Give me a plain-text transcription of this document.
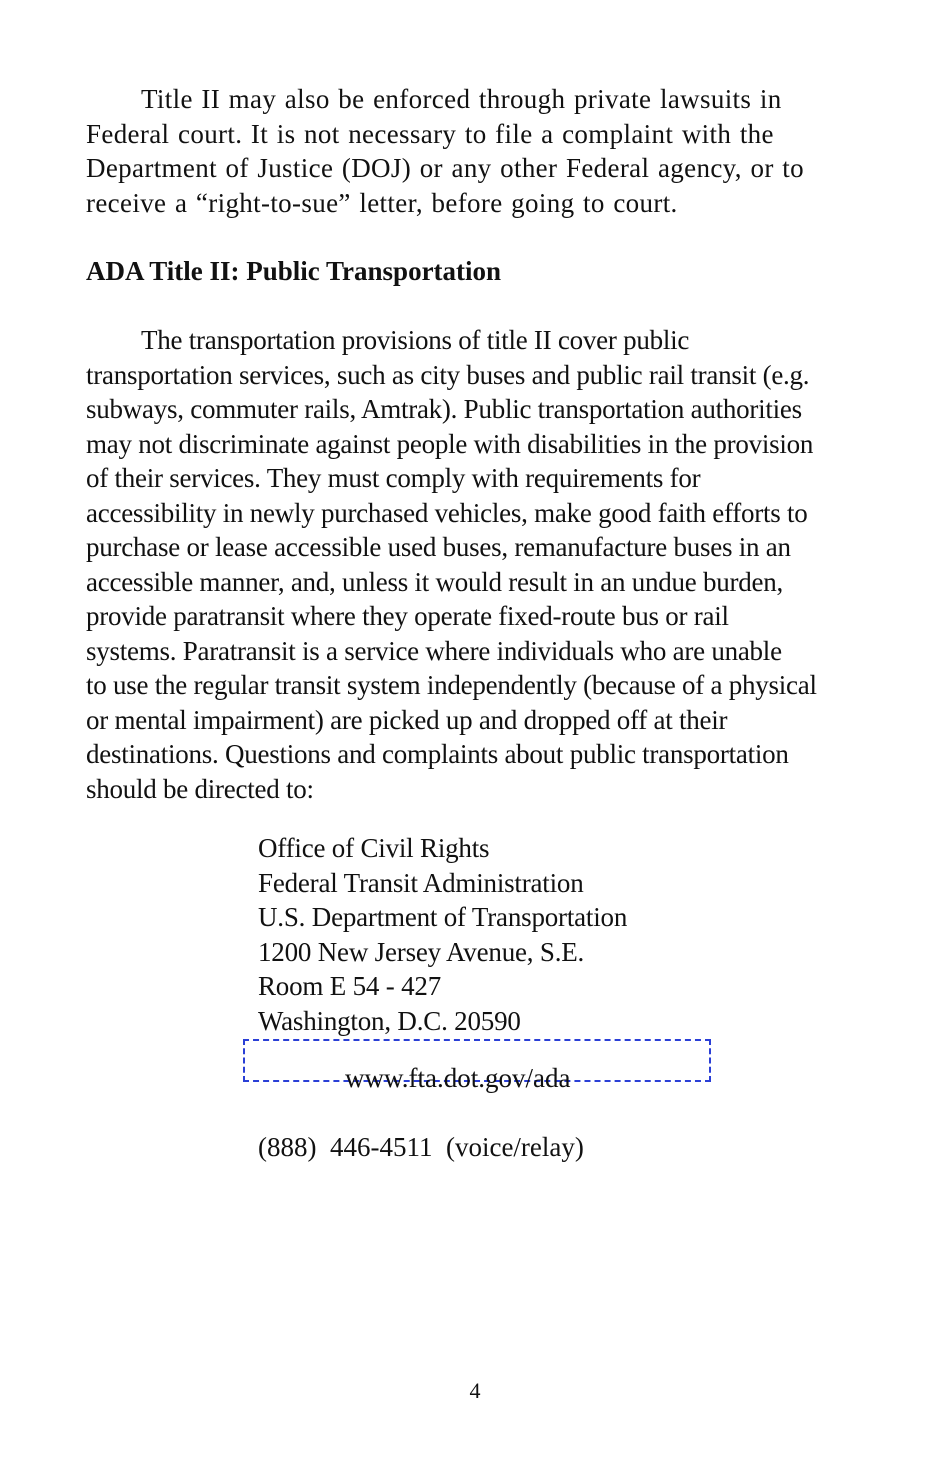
Title II may also be enforced through private lawsuits in
Federal court. It is not necessary to file a complaint with the
Department of Justice (DOJ) or any other Federal agency, or to
receive a “right-to-sue” letter, before going to court.
ADA Title II: Public Transportation
The transportation provisions of title II cover public
transportation services, such as city buses and public rail transit (e.g.
subways, commuter rails, Amtrak). Public transportation authorities
may not discriminate against people with disabilities in the provision
of their services. They must comply with requirements for
accessibility in newly purchased vehicles, make good faith efforts to
purchase or lease accessible used buses, remanufacture buses in an
accessible manner, and, unless it would result in an undue burden,
provide paratransit where they operate fixed-route bus or rail
systems. Paratransit is a service where individuals who are unable
to use the regular transit system independently (because of a physical
or mental impairment) are picked up and dropped off at their
destinations. Questions and complaints about public transportation
should be directed to:
Office of Civil Rights
Federal Transit Administration
U.S. Department of Transportation
1200 New Jersey Avenue, S.E.
Room E 54 - 427
Washington, D.C. 20590
www.fta.dot.gov/ada
(888)  446-4511  (voice/relay)
4
